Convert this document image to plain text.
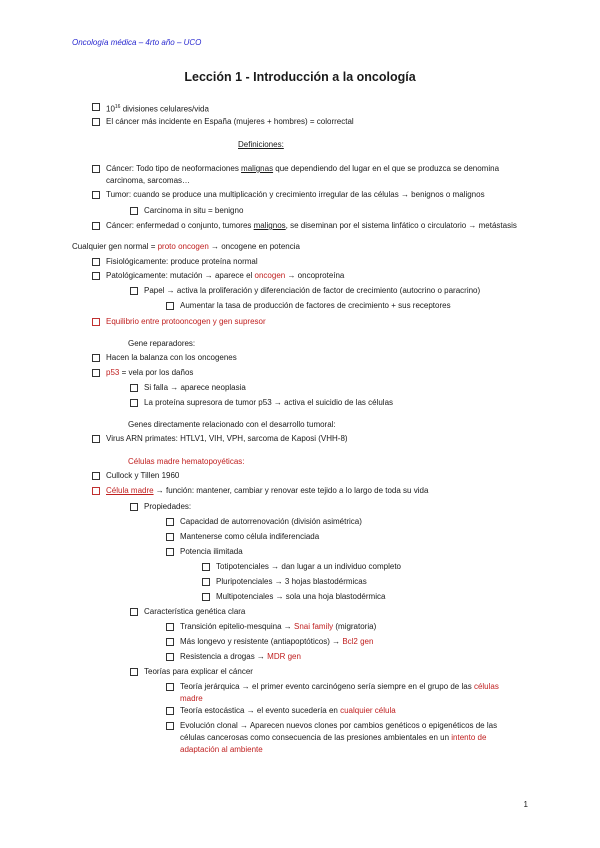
Oncología médica – 4rto año – UCO
Lección 1 - Introducción a la oncología
$10^{16}$ divisiones celulares/vida
El cáncer más incidente en España (mujeres + hombres) = colorrectal
Definiciones:
Cáncer: Todo tipo de neoformaciones malignas que dependiendo del lugar en el que se produzca se denomina
carcinoma, sarcomas…
Tumor: cuando se produce una multiplicación y crecimiento irregular de las células → benignos o malignos
Carcinoma in situ = benigno
Cáncer: enfermedad o conjunto, tumores malignos, se diseminan por el sistema linfático o circulatorio → metástasis
Cualquier gen normal = proto oncogen → oncogene en potencia
Fisiológicamente: produce proteína normal
Patológicamente: mutación → aparece el oncogen → oncoproteína
Papel → activa la proliferación y diferenciación de factor de crecimiento (autocrino o paracrino)
Aumentar la tasa de producción de factores de crecimiento + sus receptores
Equilibrio entre protooncogen y gen supresor
Gene reparadores:
Hacen la balanza con los oncogenes
p53 = vela por los daños
Si falla → aparece neoplasia
La proteína supresora de tumor p53 → activa el suicidio de las células
Genes directamente relacionado con el desarrollo tumoral:
Virus ARN primates: HTLV1, VIH, VPH, sarcoma de Kaposi (VHH-8)
Células madre hematopoyéticas:
Cullock y Tillen 1960
Célula madre → función: mantener, cambiar y renovar este tejido a lo largo de toda su vida
Propiedades:
Capacidad de autorrenovación (división asimétrica)
Mantenerse como célula indiferenciada
Potencia ilimitada
Totipotenciales → dan lugar a un individuo completo
Pluripotenciales → 3 hojas blastodérmicas
Multipotenciales → sola una hoja blastodérmica
Característica genética clara
Transición epitelio-mesquina → Snai family (migratoria)
Más longevo y resistente (antiapoptóticos) → Bcl2 gen
Resistencia a drogas → MDR gen
Teorías para explicar el cáncer
Teoría jerárquica → el primer evento carcinógeno sería siempre en el grupo de las células
madre
Teoría estocástica → el evento sucedería en cualquier célula
Evolución clonal → Aparecen nuevos clones por cambios genéticos o epigenéticos de las
células cancerosas como consecuencia de las presiones ambientales en un intento de
adaptación al ambiente
1
